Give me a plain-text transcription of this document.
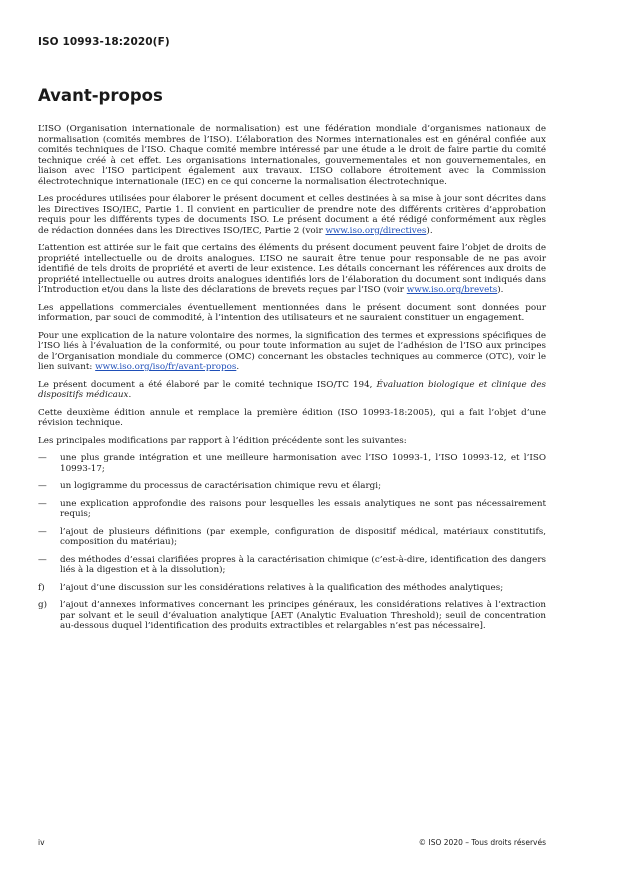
ISO 10993-18:2020(F)
Avant-propos

L’ISO (Organisation internationale de normalisation) est une fédération mondiale d’organismes nationaux de normalisation (comités membres de l’ISO). L’élaboration des Normes internationales est en général confiée aux comités techniques de l’ISO. Chaque comité membre intéressé par une étude a le droit de faire partie du comité technique créé à cet effet. Les organisations internationales, gouvernementales et non gouvernementales, en liaison avec l’ISO participent également aux travaux. L’ISO collabore étroitement avec la Commission électrotechnique internationale (IEC) en ce qui concerne la normalisation électrotechnique.

Les procédures utilisées pour élaborer le présent document et celles destinées à sa mise à jour sont décrites dans les Directives ISO/IEC, Partie 1. Il convient en particulier de prendre note des différents critères d’approbation requis pour les différents types de documents ISO. Le présent document a été rédigé conformément aux règles de rédaction données dans les Directives ISO/IEC, Partie 2 (voir www.iso.org/directives).

L’attention est attirée sur le fait que certains des éléments du présent document peuvent faire l’objet de droits de propriété intellectuelle ou de droits analogues. L’ISO ne saurait être tenue pour responsable de ne pas avoir identifié de tels droits de propriété et averti de leur existence. Les détails concernant les références aux droits de propriété intellectuelle ou autres droits analogues identifiés lors de l’élaboration du document sont indiqués dans l’Introduction et/ou dans la liste des déclarations de brevets reçues par l’ISO (voir www.iso.org/brevets).

Les appellations commerciales éventuellement mentionnées dans le présent document sont données pour information, par souci de commodité, à l’intention des utilisateurs et ne sauraient constituer un engagement.

Pour une explication de la nature volontaire des normes, la signification des termes et expressions spécifiques de l’ISO liés à l’évaluation de la conformité, ou pour toute information au sujet de l’adhésion de l’ISO aux principes de l’Organisation mondiale du commerce (OMC) concernant les obstacles techniques au commerce (OTC), voir le lien suivant: www.iso.org/iso/fr/avant-propos.

Le présent document a été élaboré par le comité technique ISO/TC 194, Évaluation biologique et clinique des dispositifs médicaux.

Cette deuxième édition annule et remplace la première édition (ISO 10993-18:2005), qui a fait l’objet d’une révision technique.

Les principales modifications par rapport à l’édition précédente sont les suivantes:

—	une plus grande intégration et une meilleure harmonisation avec l’ISO 10993-1, l’ISO 10993-12, et l’ISO 10993-17;
—	un logigramme du processus de caractérisation chimique revu et élargi;
—	une explication approfondie des raisons pour lesquelles les essais analytiques ne sont pas nécessairement requis;
—	l’ajout de plusieurs définitions (par exemple, configuration de dispositif médical, matériaux constitutifs, composition du matériau);
—	des méthodes d’essai clarifiées propres à la caractérisation chimique (c’est-à-dire, identification des dangers liés à la digestion et à la dissolution);
f)	l’ajout d’une discussion sur les considérations relatives à la qualification des méthodes analytiques;
g)	l’ajout d’annexes informatives concernant les principes généraux, les considérations relatives à l’extraction par solvant et le seuil d’évaluation analytique [AET (Analytic Evaluation Threshold); seuil de concentration au-dessous duquel l’identification des produits extractibles et relargables n’est pas nécessaire].
iv	© ISO 2020 – Tous droits réservés
